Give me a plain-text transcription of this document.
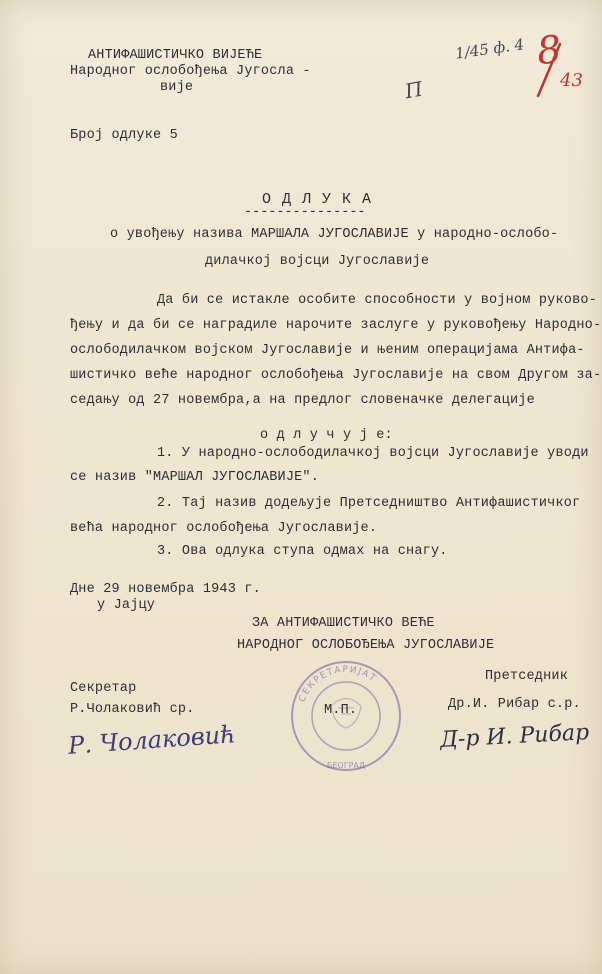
АНТИФАШИСТИЧКО ВИЈЕЋЕ
Народног ослобођења Југосла -
вије
1/45 ф. 4 8
43
П
Број одлуке 5
О Д Л У К А
---------------
о увођењу назива МАРШАЛА ЈУГОСЛАВИЈЕ у народно-ослобо-
дилачкој војсци Југославије
Да би се истакле особите способности у војном руково-
ђењу и да би се наградиле нарочите заслуге у руковођењу Народно-
ослободилачком војском Југославије и њеним операцијама Антифа-
шистичко веће народног ослобођења Југославије на свом Другом за-
седању од 27 новембра,а на предлог словеначке делегације
о д л у ч у ј е:
1. У народно-ослободилачкој војсци Југославије уводи
се назив "МАРШАЛ ЈУГОСЛАВИЈЕ".
2. Тај назив додељује Претседништво Антифашистичког
већа народног ослобођења Југославије.
3. Ова одлука ступа одмах на снагу.
Дне 29 новембра 1943 г.
у Јајцу
ЗА АНТИФАШИСТИЧКО ВЕЋЕ
НАРОДНОГ ОСЛОБОЂЕЊА ЈУГОСЛАВИЈЕ
Секретар
Р.Чолаковић ср.
Р. Чолаковић
Претседник
Др.И. Рибар с.р.
Д-р И. Рибар
СЕКРЕТАРИЈАТ
БЕОГРАД
М.П.
